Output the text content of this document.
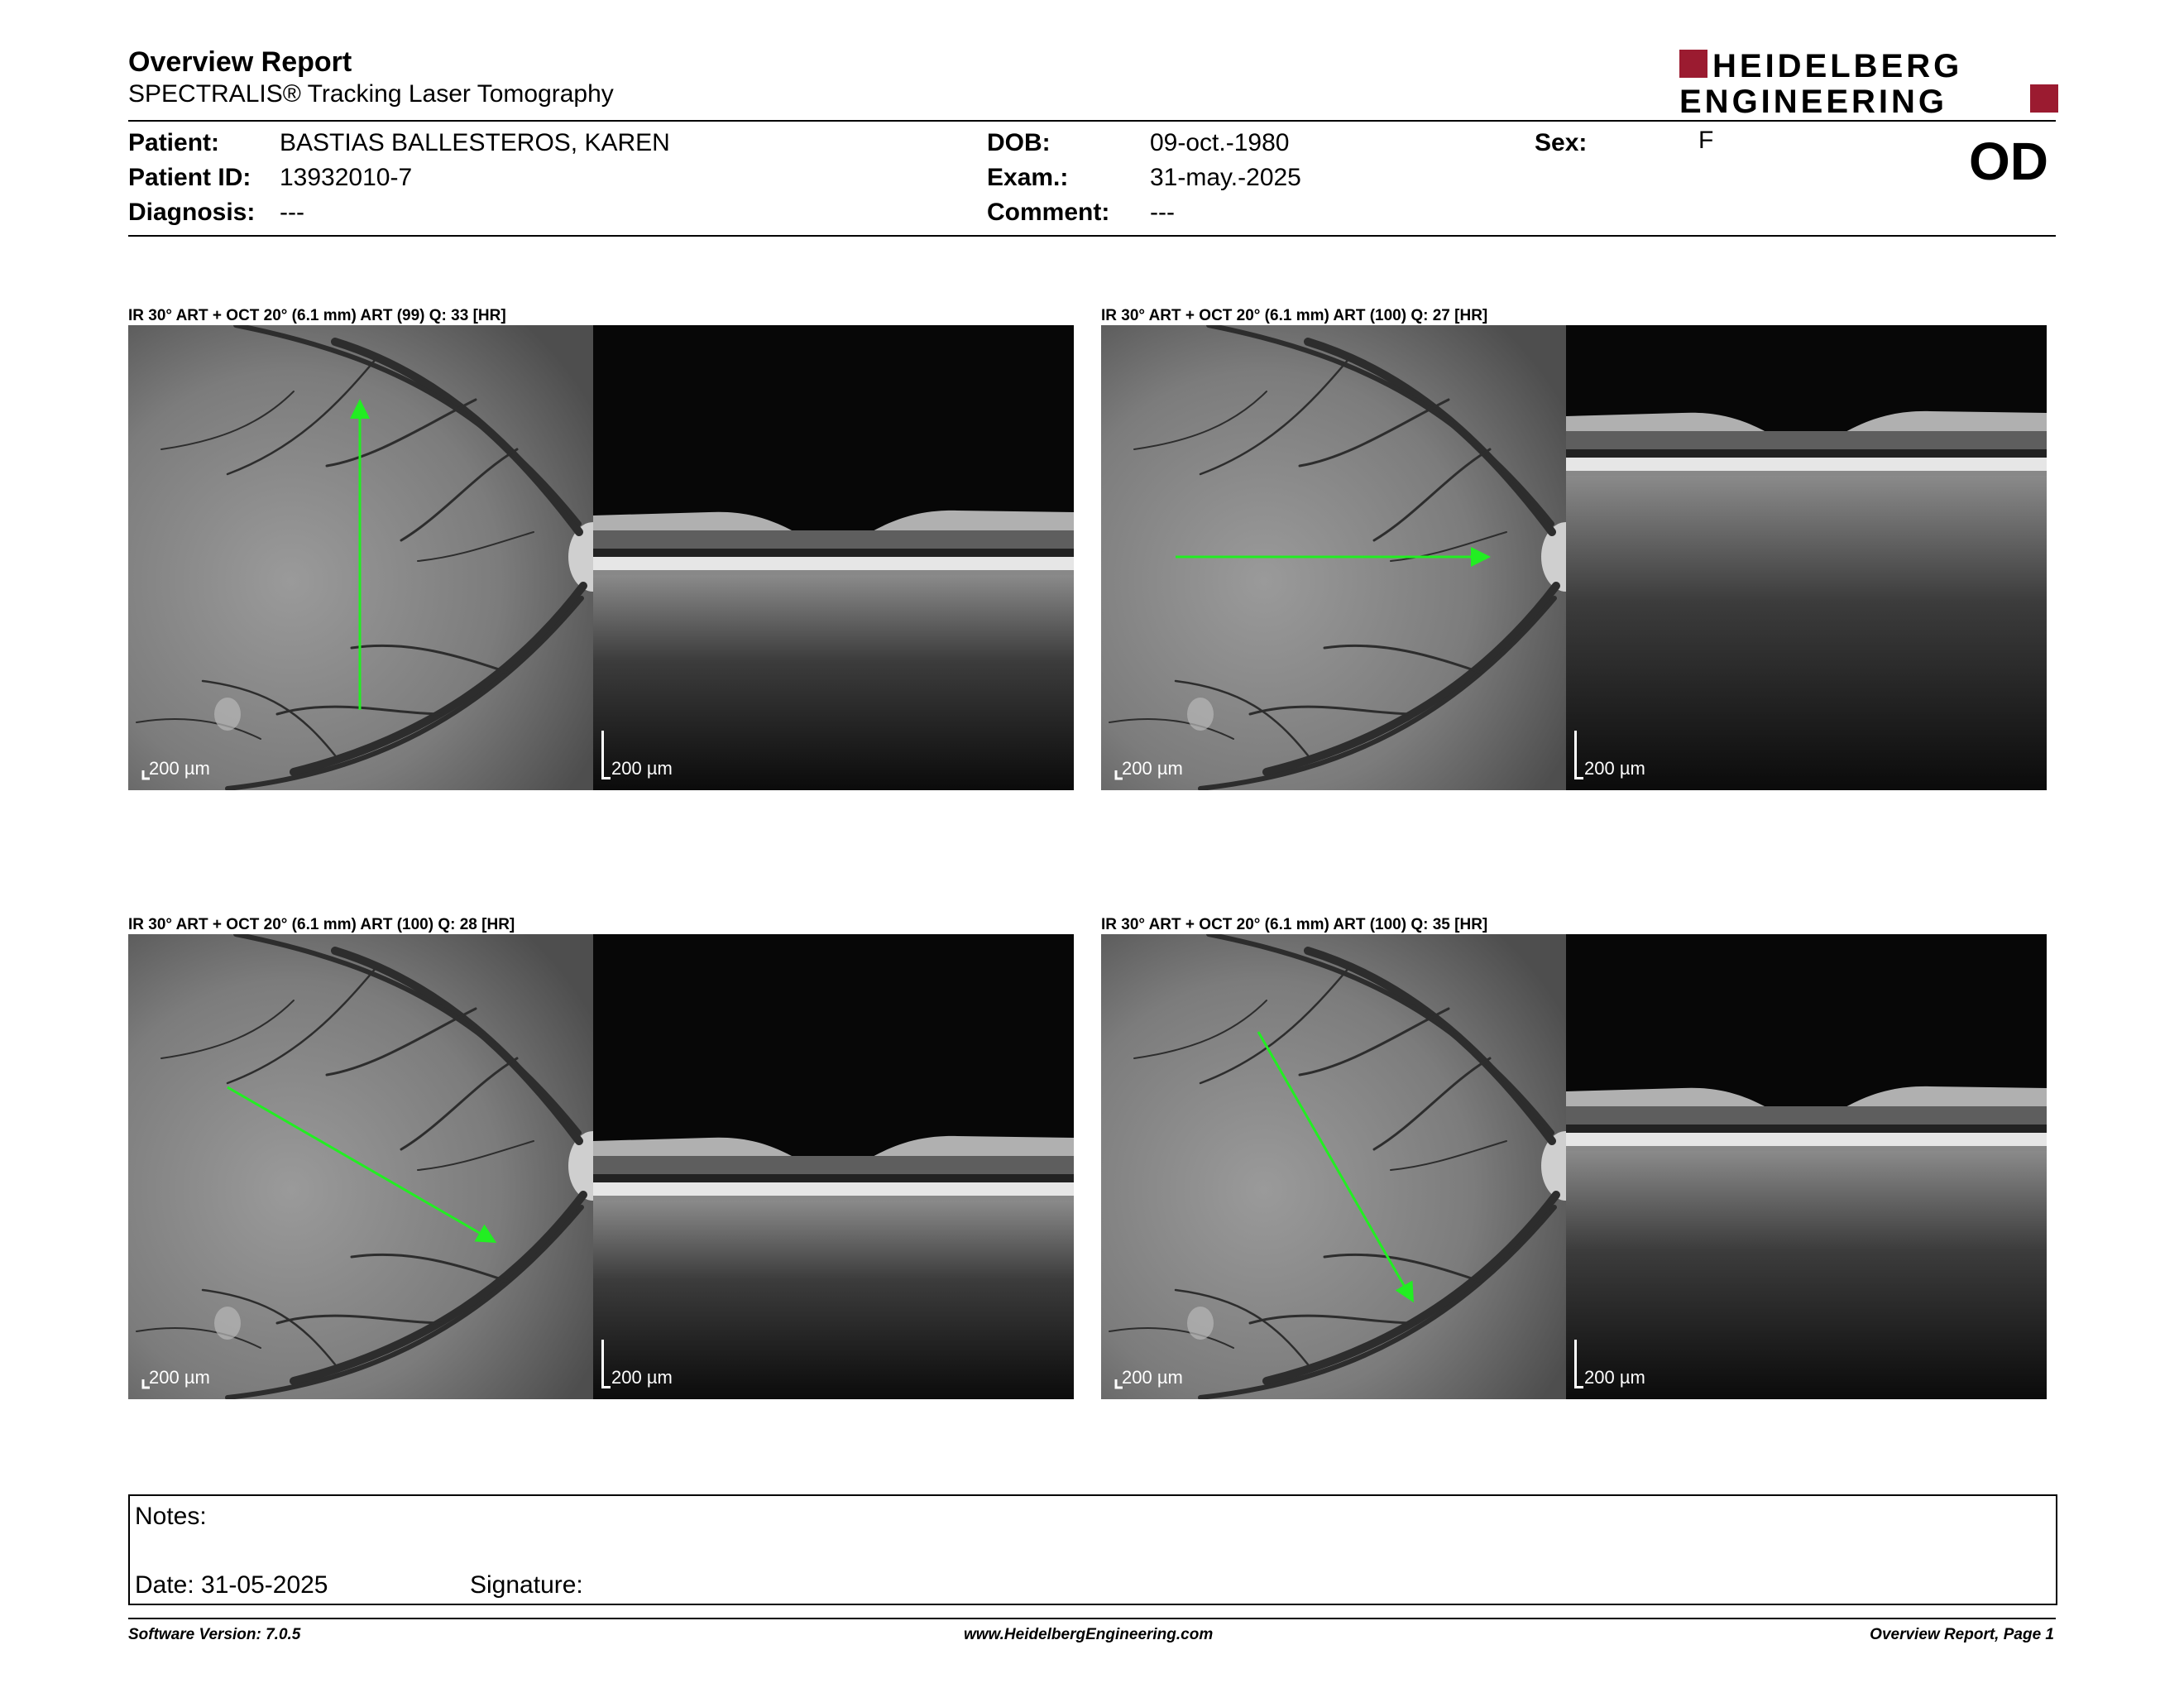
Overview Report
SPECTRALIS® Tracking Laser Tomography
HEIDELBERG
ENGINEERING
Patient: BASTIAS BALLESTEROS, KAREN
Patient ID: 13932010-7
Diagnosis: ---
DOB:	09-oct.-1980
Exam.:	31-may.-2025
Comment: ---
Sex:	F	OD
IR 30° ART + OCT 20° (6.1 mm) ART (99) Q: 33 [HR]
200 µm	200 µm
IR 30° ART + OCT 20° (6.1 mm) ART (100) Q: 27 [HR]
200 µm	200 µm
IR 30° ART + OCT 20° (6.1 mm) ART (100) Q: 28 [HR]
200 µm	200 µm
IR 30° ART + OCT 20° (6.1 mm) ART (100) Q: 35 [HR]
200 µm	200 µm
Notes:
Date: 31-05-2025	Signature:
Software Version: 7.0.5	www.HeidelbergEngineering.com	Overview Report, Page 1
